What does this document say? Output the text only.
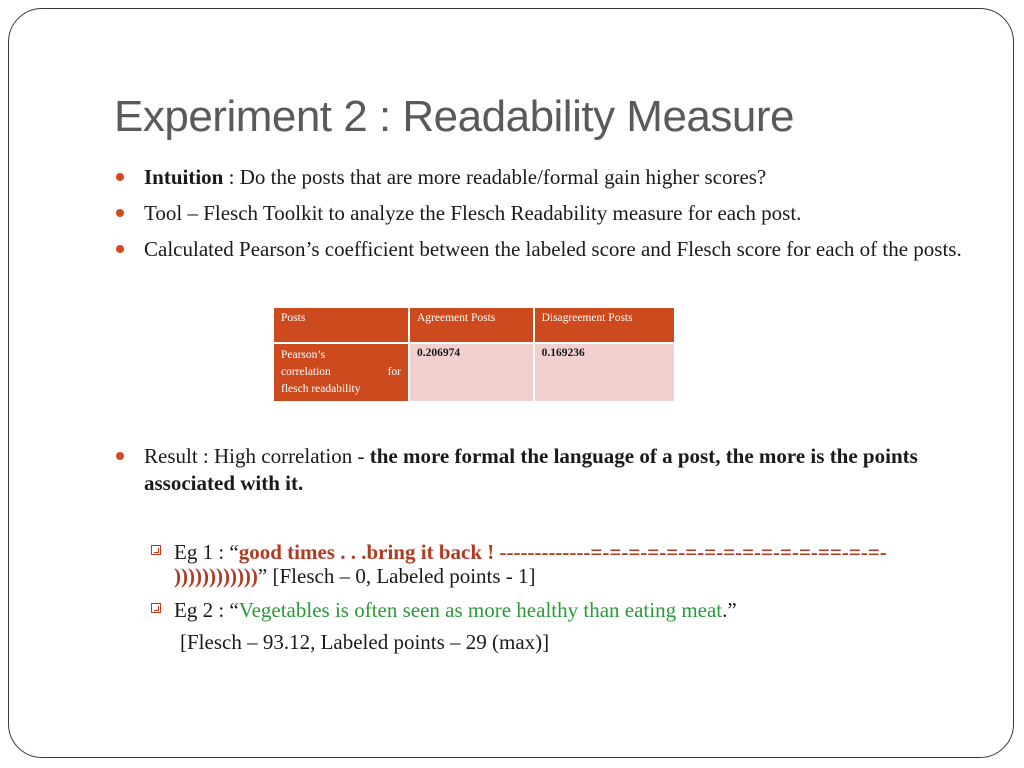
Experiment 2 : Readability Measure
Intuition : Do the posts that are more readable/formal gain higher scores?
Tool – Flesch Toolkit to analyze the Flesch Readability measure for each post.
Calculated Pearson’s coefficient between the labeled score and Flesch score for each of the posts.
Posts	Agreement Posts	Disagreement Posts

Pearson’s
correlation for
flesch readability	0.206974	0.169236
Result : High correlation - the more formal the language of a post, the more is the points associated with it.
Eg 1 : “good times . . .bring it back ! -------------=-=-=-=-=-=-=-=-=-=-=-=-==-=-=- ))))))))))))” [Flesch – 0, Labeled points - 1]
Eg 2 : “Vegetables is often seen as more healthy than eating meat.”
[Flesch – 93.12, Labeled points – 29 (max)]
